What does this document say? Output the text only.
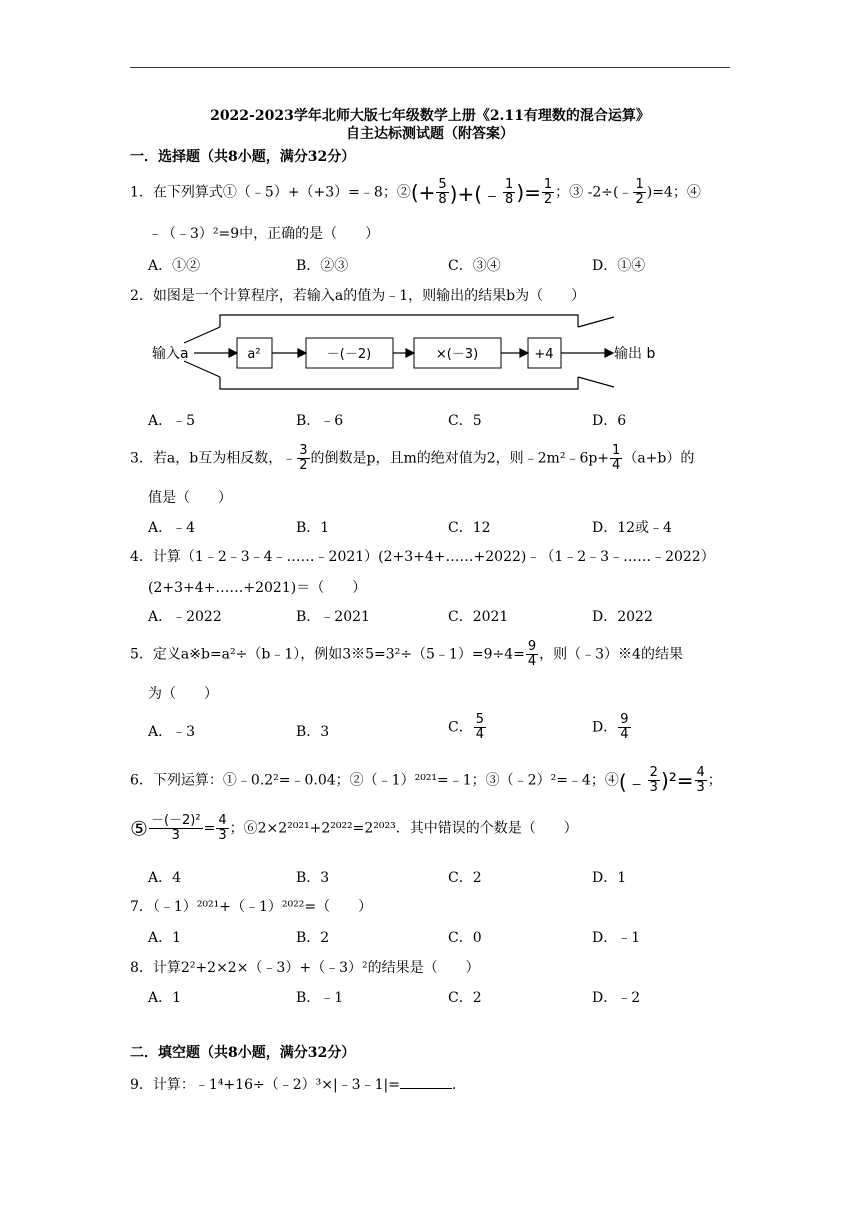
2022-2023学年北师大版七年级数学上册《2.11有理数的混合运算》
自主达标测试题（附答案）
一．选择题（共8小题，满分32分）
1．在下列算式①（﹣5）+（+3）=﹣8；②(+ $\frac{5}{8}$ )+(﹣ $\frac{1}{8}$ )= $\frac{1}{2}$ ；③ -2÷(﹣ $\frac{1}{2} )=4$；④
﹣（﹣3）²=9中，正确的是（　　）
A．①②	B．②③	C．③④	D．①④
2．如图是一个计算程序，若输入a的值为﹣1，则输出的结果b为（　　）
输入a	a²	－(－2)	×(－3)	+4	输出 b
A．﹣5	B．﹣6	C．5	D．6
3．若a，b互为相反数，﹣ $\frac{3}{2}$ 的倒数是p，且m的绝对值为2，则﹣2m²﹣6p+ $\frac{1}{4} (a+b)$的
值是（　　）
A．﹣4	B．1	C．12	D．12或﹣4
4．计算（1﹣2﹣3﹣4﹣……﹣2021）(2+3+4+……+2022)﹣（1﹣2﹣3﹣……﹣2022）
(2+3+4+……+2021)＝（　　）
A．﹣2022	B．﹣2021	C．2021	D．2022
5．定义a※b=a²÷（b﹣1），例如3※5=3²÷（5﹣1）=9÷4= $\frac{9}{4}$ ，则（﹣3）※4的结果
为（　　）
A．﹣3	B．3	C． $\frac{5}{4}$	D． $\frac{9}{4}$
6．下列运算：①﹣0.2²=﹣0.04；②（﹣1）²⁰²¹=﹣1；③（﹣2）²=﹣4；④(﹣ $\frac{2}{3} )^2= \frac{4}{3}$ ；
⑤ $\frac{\text{－(－2)²}}{3} = \frac{4}{3}$ ；⑥2×2²⁰²¹+2²⁰²²=2²⁰²³．其中错误的个数是（　　）
A．4	B．3	C．2	D．1
7．（﹣1）²⁰²¹+（﹣1）²⁰²²=（　　）
A．1	B．2	C．0	D．﹣1
8．计算2²+2×2×（﹣3）+（﹣3）²的结果是（　　）
A．1	B．﹣1	C．2	D．﹣2
二．填空题（共8小题，满分32分）
9．计算：﹣1⁴+16÷（﹣2）³×|﹣3﹣1|=	．
